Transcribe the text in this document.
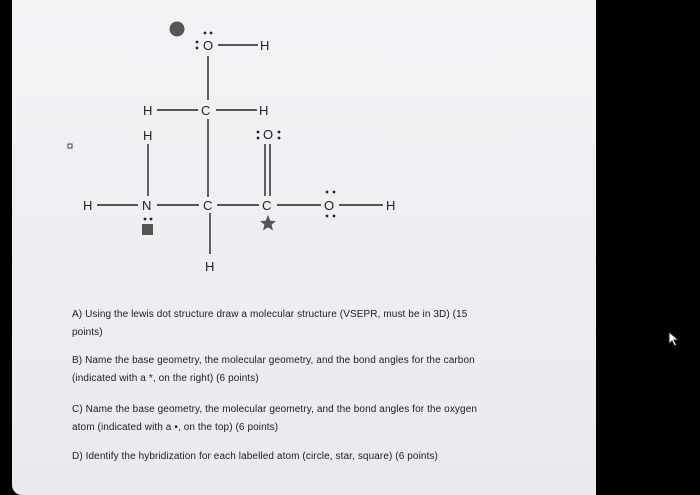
O	H
H	C	H
H	O
H	N	C	C	O	H
H
A) Using the lewis dot structure draw a molecular structure (VSEPR, must be in 3D) (15
points)
B) Name the base geometry, the molecular geometry, and the bond angles for the carbon
(indicated with a *, on the right) (6 points)
C) Name the base geometry, the molecular geometry, and the bond angles for the oxygen
atom (indicated with a •, on the top) (6 points)
D) Identify the hybridization for each labelled atom (circle, star, square) (6 points)
